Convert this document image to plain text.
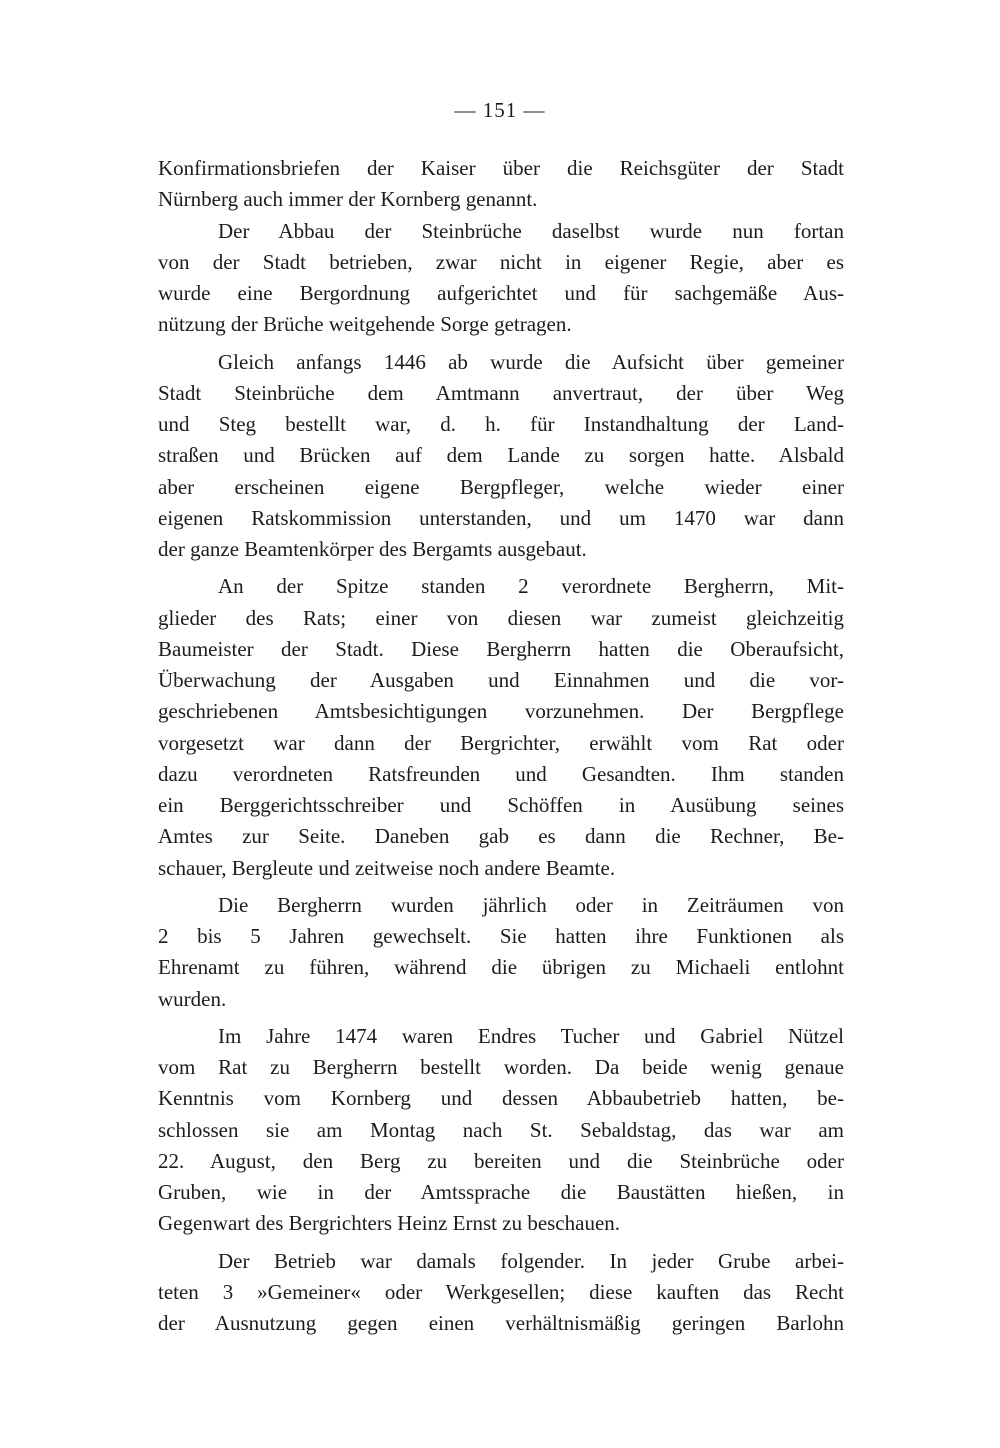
— 151 —
Konfirmationsbriefen der Kaiser über die Reichsgüter der Stadt
Nürnberg auch immer der Kornberg genannt.
Der Abbau der Steinbrüche daselbst wurde nun fortan
von der Stadt betrieben, zwar nicht in eigener Regie, aber es
wurde eine Bergordnung aufgerichtet und für sachgemäße Aus-
nützung der Brüche weitgehende Sorge getragen.
Gleich anfangs 1446 ab wurde die Aufsicht über gemeiner
Stadt Steinbrüche dem Amtmann anvertraut, der über Weg
und Steg bestellt war, d. h. für Instandhaltung der Land-
straßen und Brücken auf dem Lande zu sorgen hatte. Alsbald
aber erscheinen eigene Bergpfleger, welche wieder einer
eigenen Ratskommission unterstanden, und um 1470 war dann
der ganze Beamtenkörper des Bergamts ausgebaut.
An der Spitze standen 2 verordnete Bergherrn, Mit-
glieder des Rats; einer von diesen war zumeist gleichzeitig
Baumeister der Stadt. Diese Bergherrn hatten die Oberaufsicht,
Überwachung der Ausgaben und Einnahmen und die vor-
geschriebenen Amtsbesichtigungen vorzunehmen. Der Bergpflege
vorgesetzt war dann der Bergrichter, erwählt vom Rat oder
dazu verordneten Ratsfreunden und Gesandten. Ihm standen
ein Berggerichtsschreiber und Schöffen in Ausübung seines
Amtes zur Seite. Daneben gab es dann die Rechner, Be-
schauer, Bergleute und zeitweise noch andere Beamte.
Die Bergherrn wurden jährlich oder in Zeiträumen von
2 bis 5 Jahren gewechselt. Sie hatten ihre Funktionen als
Ehrenamt zu führen, während die übrigen zu Michaeli entlohnt
wurden.
Im Jahre 1474 waren Endres Tucher und Gabriel Nützel
vom Rat zu Bergherrn bestellt worden. Da beide wenig genaue
Kenntnis vom Kornberg und dessen Abbaubetrieb hatten, be-
schlossen sie am Montag nach St. Sebaldstag, das war am
22. August, den Berg zu bereiten und die Steinbrüche oder
Gruben, wie in der Amtssprache die Baustätten hießen, in
Gegenwart des Bergrichters Heinz Ernst zu beschauen.
Der Betrieb war damals folgender. In jeder Grube arbei-
teten 3 »Gemeiner« oder Werkgesellen; diese kauften das Recht
der Ausnutzung gegen einen verhältnismäßig geringen Barlohn
